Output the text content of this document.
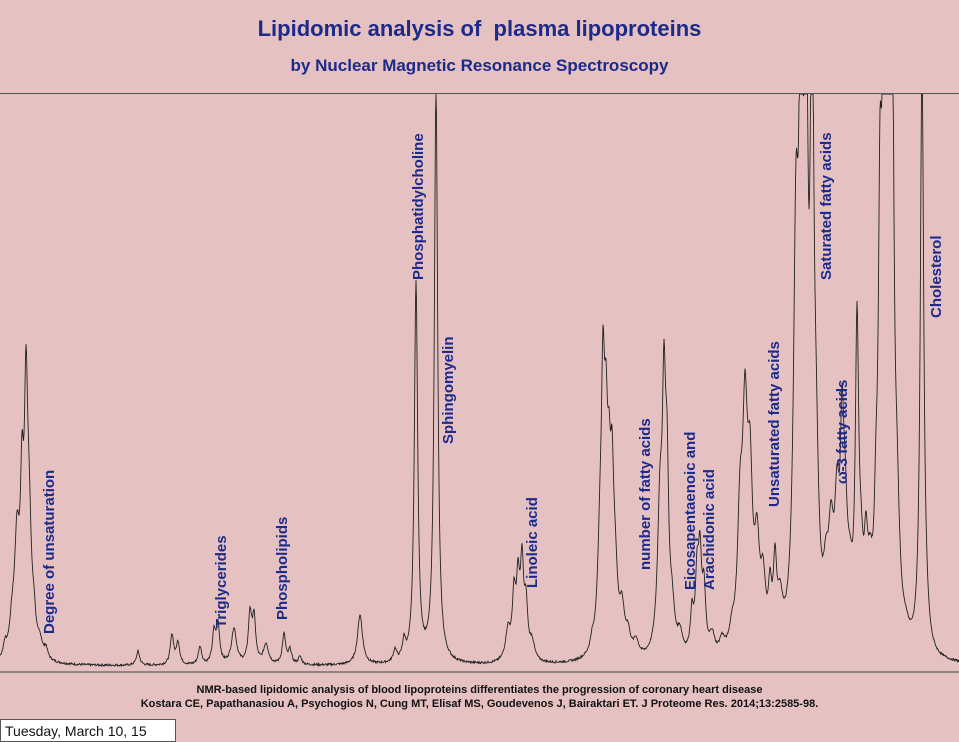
Lipidomic analysis of  plasma lipoproteins
by Nuclear Magnetic Resonance Spectroscopy
Degree of unsaturation	Triglycerides	Phospholipids
Phosphatidylcholine
Sphingomyelin
Linoleic acid	number of fatty acids Eicosapentaenoic and Arachidonic acid
Unsaturated fatty acids
Saturated fatty acids
ω-3 fatty acids
Cholesterol
NMR-based lipidomic analysis of blood lipoproteins differentiates the progression of coronary heart disease
Kostara CE, Papathanasiou A, Psychogios N, Cung MT, Elisaf MS, Goudevenos J, Bairaktari ET. J Proteome Res. 2014;13:2585-98.
Tuesday, March 10, 15
